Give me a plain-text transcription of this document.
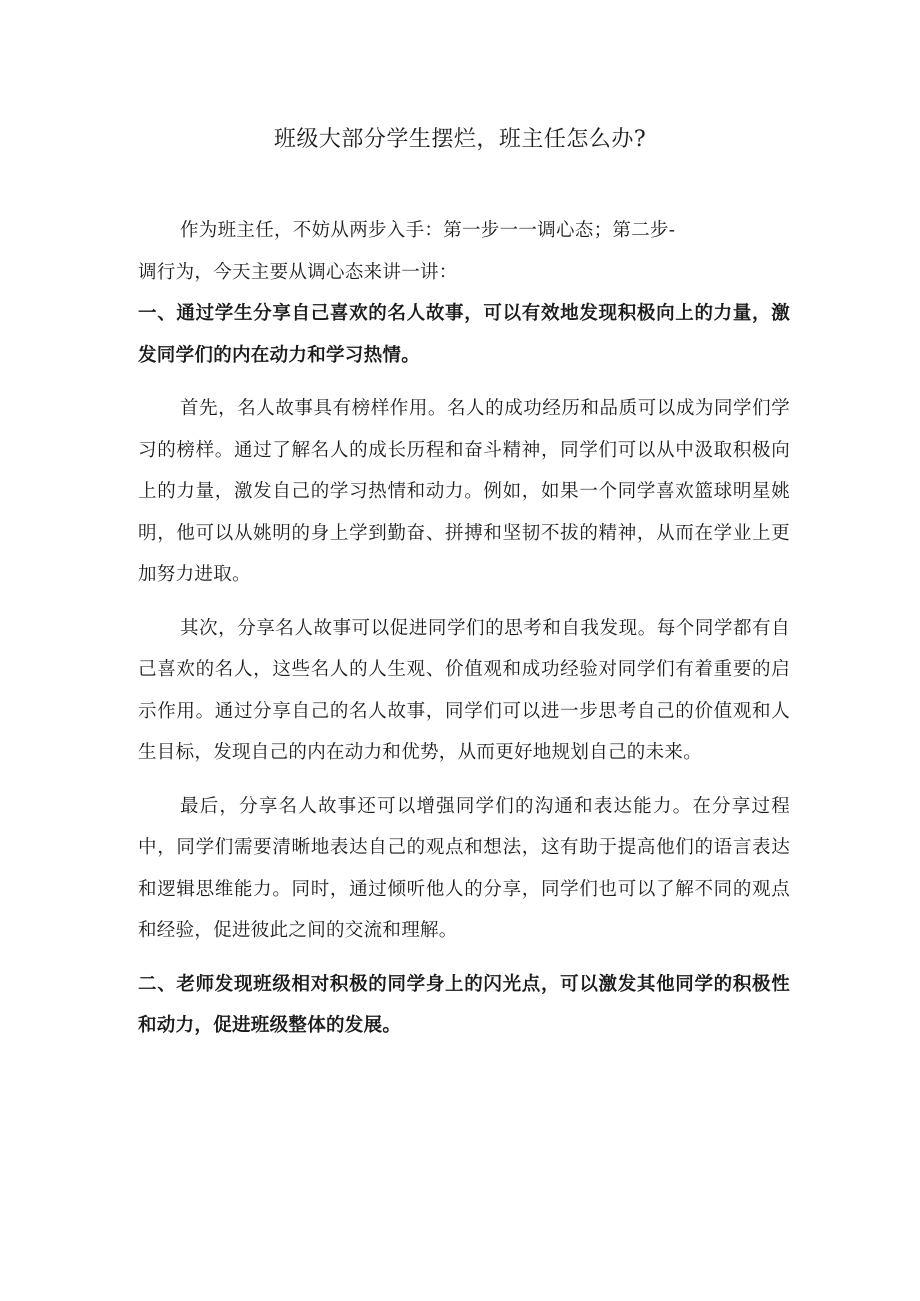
班级大部分学生摆烂，班主任怎么办?

作为班主任，不妨从两步入手：第一步一一调心态；第二步-

调行为，今天主要从调心态来讲一讲：

一、通过学生分享自己喜欢的名人故事，可以有效地发现积极向上的力量，激发同学们的内在动力和学习热情。

首先，名人故事具有榜样作用。名人的成功经历和品质可以成为同学们学习的榜样。通过了解名人的成长历程和奋斗精神，同学们可以从中汲取积极向上的力量，激发自己的学习热情和动力。例如，如果一个同学喜欢篮球明星姚明，他可以从姚明的身上学到勤奋、拼搏和坚韧不拔的精神，从而在学业上更加努力进取。

其次，分享名人故事可以促进同学们的思考和自我发现。每个同学都有自己喜欢的名人，这些名人的人生观、价值观和成功经验对同学们有着重要的启示作用。通过分享自己的名人故事，同学们可以进一步思考自己的价值观和人生目标，发现自己的内在动力和优势，从而更好地规划自己的未来。

最后，分享名人故事还可以增强同学们的沟通和表达能力。在分享过程中，同学们需要清晰地表达自己的观点和想法，这有助于提高他们的语言表达和逻辑思维能力。同时，通过倾听他人的分享，同学们也可以了解不同的观点和经验，促进彼此之间的交流和理解。

二、老师发现班级相对积极的同学身上的闪光点，可以激发其他同学的积极性和动力，促进班级整体的发展。
